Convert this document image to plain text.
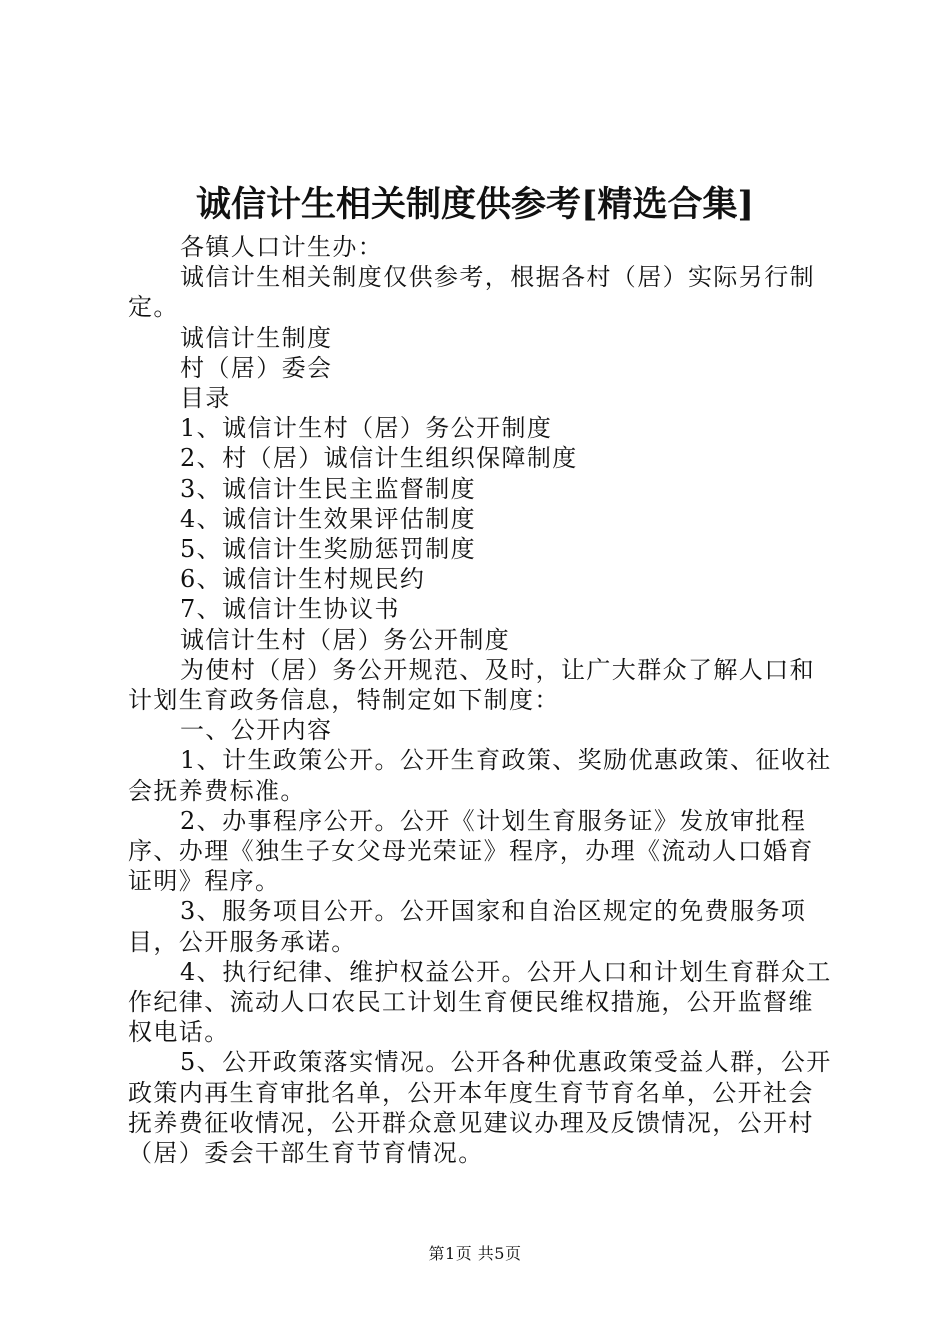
诚信计生相关制度供参考[精选合集]

各镇人口计生办：

诚信计生相关制度仅供参考，根据各村（居）实际另行制定。

诚信计生制度

村（居）委会

目录

1、诚信计生村（居）务公开制度

2、村（居）诚信计生组织保障制度

3、诚信计生民主监督制度

4、诚信计生效果评估制度

5、诚信计生奖励惩罚制度

6、诚信计生村规民约

7、诚信计生协议书

诚信计生村（居）务公开制度

为使村（居）务公开规范、及时，让广大群众了解人口和计划生育政务信息，特制定如下制度：

一、公开内容

1、计生政策公开。公开生育政策、奖励优惠政策、征收社会抚养费标准。

2、办事程序公开。公开《计划生育服务证》发放审批程序、办理《独生子女父母光荣证》程序，办理《流动人口婚育证明》程序。

3、服务项目公开。公开国家和自治区规定的免费服务项目，公开服务承诺。

4、执行纪律、维护权益公开。公开人口和计划生育群众工作纪律、流动人口农民工计划生育便民维权措施，公开监督维权电话。

5、公开政策落实情况。公开各种优惠政策受益人群，公开政策内再生育审批名单，公开本年度生育节育名单，公开社会抚养费征收情况，公开群众意见建议办理及反馈情况，公开村（居）委会干部生育节育情况。

第1页 共5页
